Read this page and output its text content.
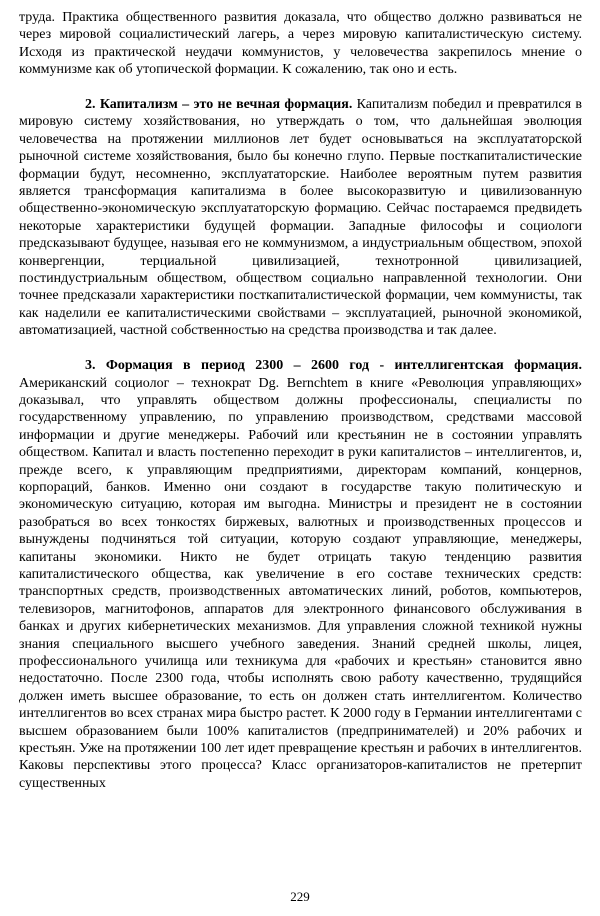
труда. Практика общественного развития доказала, что общество должно развиваться не через мировой социалистический лагерь, а через мировую капиталистическую систему. Исходя из практической неудачи коммунистов, у человечества закрепилось мнение о коммунизме как об утопической формации. К сожалению, так оно и есть.

2. Капитализм – это не вечная формация. Капитализм победил и превратился в мировую систему хозяйствования, но утверждать о том, что дальнейшая эволюция человечества на протяжении миллионов лет будет основываться на эксплуататорской рыночной системе хозяйствования, было бы конечно глупо. Первые посткапиталистические формации будут, несомненно, эксплуататорские. Наиболее вероятным путем развития является трансформация капитализма в более высокоразвитую и цивилизованную общественно-экономическую эксплуататорскую формацию. Сейчас постараемся предвидеть некоторые характеристики будущей формации. Западные философы и социологи предсказывают будущее, называя его не коммунизмом, а индустриальным обществом, эпохой конвергенции, терциальной цивилизацией, технотронной цивилизацией, постиндустриальным обществом, обществом социально направленной технологии. Они точнее предсказали характеристики посткапиталистической формации, чем коммунисты, так как наделили ее капиталистическими свойствами – эксплуатацией, рыночной экономикой, автоматизацией, частной собственностью на средства производства и так далее.

3. Формация в период 2300 – 2600 год - интеллигентская формация. Американский социолог – технократ Dg. Bernchtem в книге «Революция управляющих» доказывал, что управлять обществом должны профессионалы, специалисты по государственному управлению, по управлению производством, средствами массовой информации и другие менеджеры. Рабочий или крестьянин не в состоянии управлять обществом. Капитал и власть постепенно переходит в руки капиталистов – интеллигентов, и, прежде всего, к управляющим предприятиями, директорам компаний, концернов, корпораций, банков. Именно они создают в государстве такую политическую и экономическую ситуацию, которая им выгодна. Министры и президент не в состоянии разобраться во всех тонкостях биржевых, валютных и производственных процессов и вынуждены подчиняться той ситуации, которую создают управляющие, менеджеры, капитаны экономики. Никто не будет отрицать такую тенденцию развития капиталистического общества, как увеличение в его составе технических средств: транспортных средств, производственных автоматических линий, роботов, компьютеров, телевизоров, магнитофонов, аппаратов для электронного финансового обслуживания в банках и других кибернетических механизмов. Для управления сложной техникой нужны знания специального высшего учебного заведения. Знаний средней школы, лицея, профессионального училища или техникума для «рабочих и крестьян» становится явно недостаточно. После 2300 года, чтобы исполнять свою работу качественно, трудящийся должен иметь высшее образование, то есть он должен стать интеллигентом. Количество интеллигентов во всех странах мира быстро растет. К 2000 году в Германии интеллигентами с высшем образованием были 100% капиталистов (предпринимателей) и 20% рабочих и крестьян. Уже на протяжении 100 лет идет превращение крестьян и рабочих в интеллигентов. Каковы перспективы этого процесса? Класс организаторов-капиталистов не претерпит существенных

229
